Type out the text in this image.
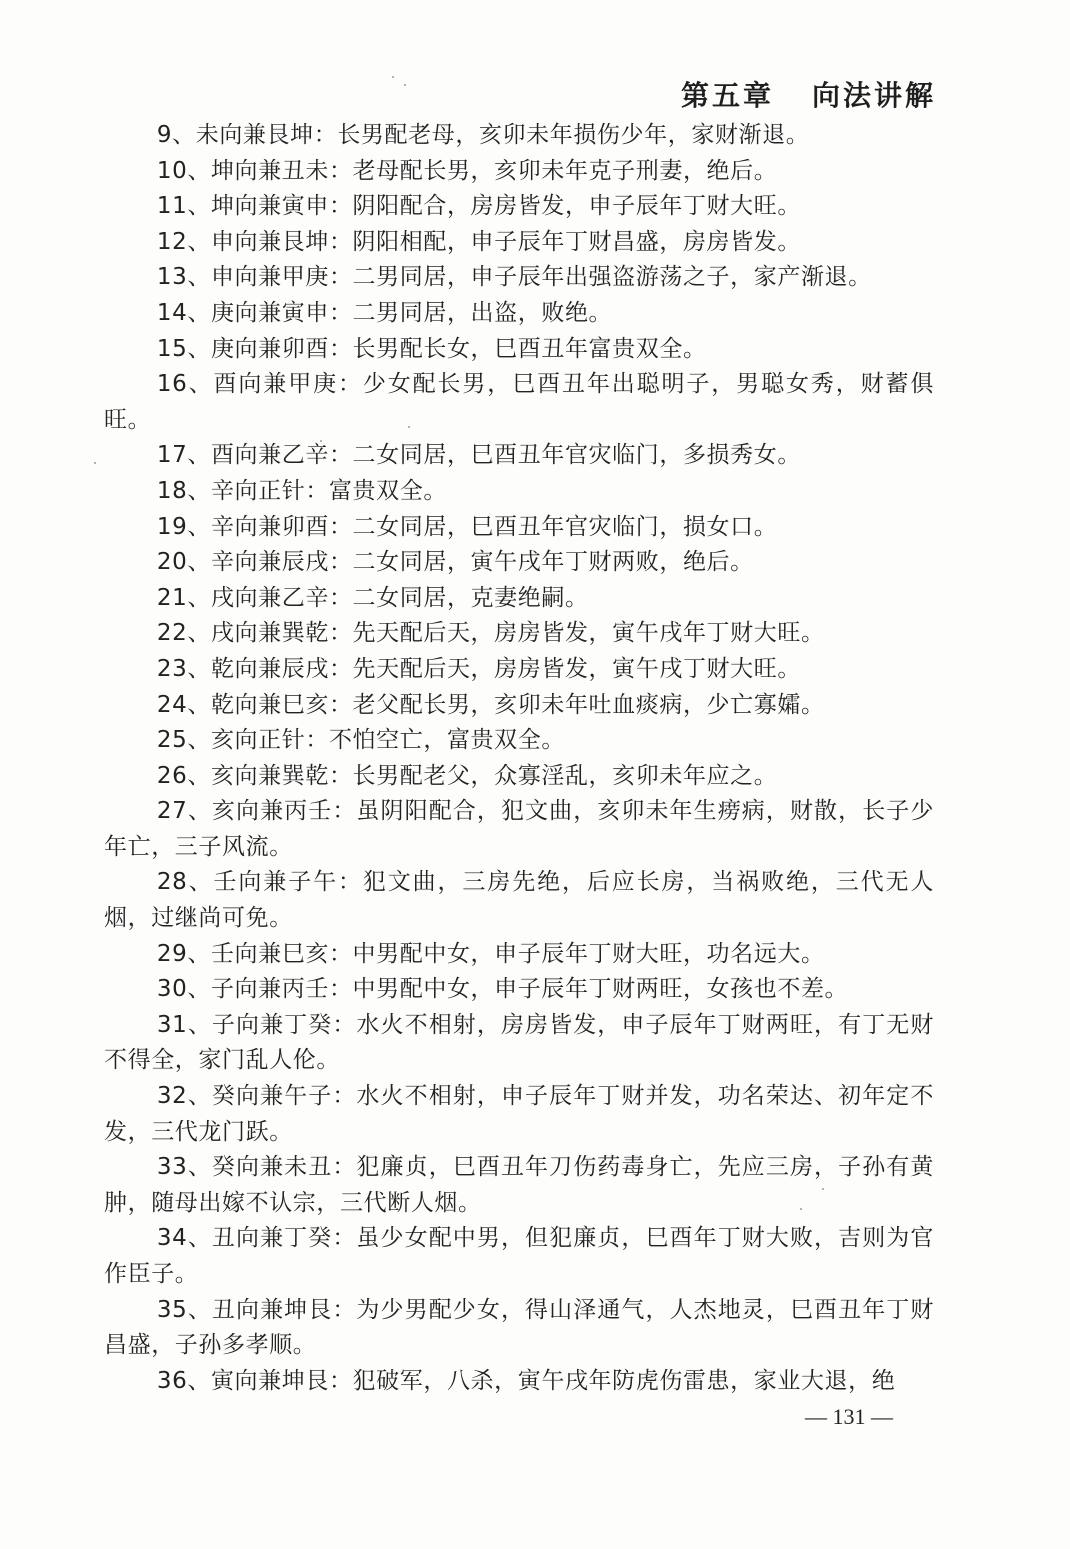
第五章 向法讲解

9、未向兼艮坤：长男配老母，亥卯未年损伤少年，家财渐退。

10、坤向兼丑未：老母配长男，亥卯未年克子刑妻，绝后。

11、坤向兼寅申：阴阳配合，房房皆发，申子辰年丁财大旺。

12、申向兼艮坤：阴阳相配，申子辰年丁财昌盛，房房皆发。

13、申向兼甲庚：二男同居，申子辰年出强盗游荡之子，家产渐退。

14、庚向兼寅申：二男同居，出盗，败绝。

15、庚向兼卯酉：长男配长女，巳酉丑年富贵双全。

16、酉向兼甲庚：少女配长男，巳酉丑年出聪明子，男聪女秀，财蓄俱旺。

17、酉向兼乙辛：二女同居，巳酉丑年官灾临门，多损秀女。

18、辛向正针：富贵双全。

19、辛向兼卯酉：二女同居，巳酉丑年官灾临门，损女口。

20、辛向兼辰戌：二女同居，寅午戌年丁财两败，绝后。

21、戌向兼乙辛：二女同居，克妻绝嗣。

22、戌向兼巽乾：先天配后天，房房皆发，寅午戌年丁财大旺。

23、乾向兼辰戌：先天配后天，房房皆发，寅午戌丁财大旺。

24、乾向兼巳亥：老父配长男，亥卯未年吐血痰病，少亡寡孀。

25、亥向正针：不怕空亡，富贵双全。

26、亥向兼巽乾：长男配老父，众寡淫乱，亥卯未年应之。

27、亥向兼丙壬：虽阴阳配合，犯文曲，亥卯未年生痨病，财散，长子少年亡，三子风流。

28、壬向兼子午：犯文曲，三房先绝，后应长房，当祸败绝，三代无人烟，过继尚可免。

29、壬向兼巳亥：中男配中女，申子辰年丁财大旺，功名远大。

30、子向兼丙壬：中男配中女，申子辰年丁财两旺，女孩也不差。

31、子向兼丁癸：水火不相射，房房皆发，申子辰年丁财两旺，有丁无财不得全，家门乱人伦。

32、癸向兼午子：水火不相射，申子辰年丁财并发，功名荣达、初年定不发，三代龙门跃。

33、癸向兼未丑：犯廉贞，巳酉丑年刀伤药毒身亡，先应三房，子孙有黄肿，随母出嫁不认宗，三代断人烟。

34、丑向兼丁癸：虽少女配中男，但犯廉贞，巳酉年丁财大败，吉则为官作臣子。

35、丑向兼坤艮：为少男配少女，得山泽通气，人杰地灵，巳酉丑年丁财昌盛，子孙多孝顺。

36、寅向兼坤艮：犯破军，八杀，寅午戌年防虎伤雷患，家业大退，绝

— 131 —
